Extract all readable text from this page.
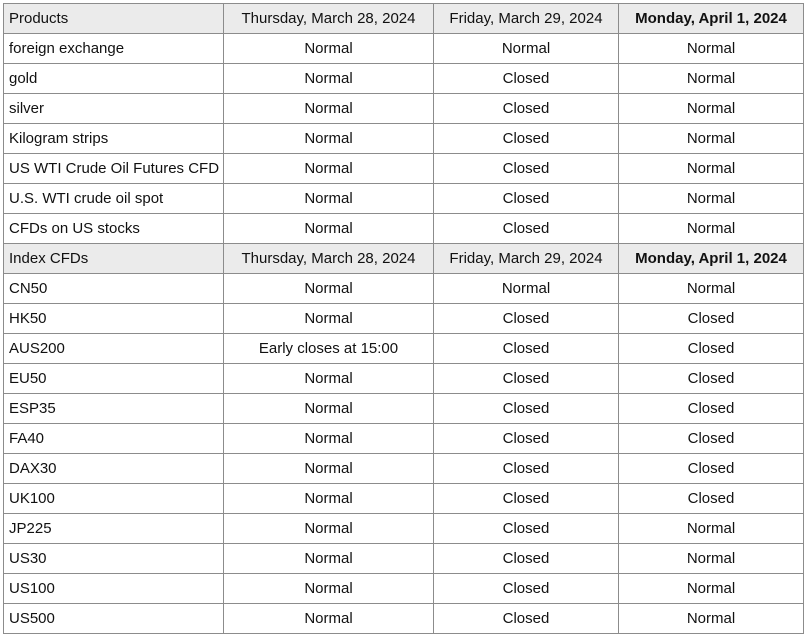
Products	Thursday, March 28, 2024	Friday, March 29, 2024	Monday, April 1, 2024
foreign exchange	Normal	Normal	Normal
gold	Normal	Closed	Normal
silver	Normal	Closed	Normal
Kilogram strips	Normal	Closed	Normal
US WTI Crude Oil Futures CFD	Normal	Closed	Normal
U.S. WTI crude oil spot	Normal	Closed	Normal
CFDs on US stocks	Normal	Closed	Normal
Index CFDs	Thursday, March 28, 2024	Friday, March 29, 2024	Monday, April 1, 2024
CN50	Normal	Normal	Normal
HK50	Normal	Closed	Closed
AUS200	Early closes at 15:00	Closed	Closed
EU50	Normal	Closed	Closed
ESP35	Normal	Closed	Closed
FA40	Normal	Closed	Closed
DAX30	Normal	Closed	Closed
UK100	Normal	Closed	Closed
JP225	Normal	Closed	Normal
US30	Normal	Closed	Normal
US100	Normal	Closed	Normal
US500	Normal	Closed	Normal
